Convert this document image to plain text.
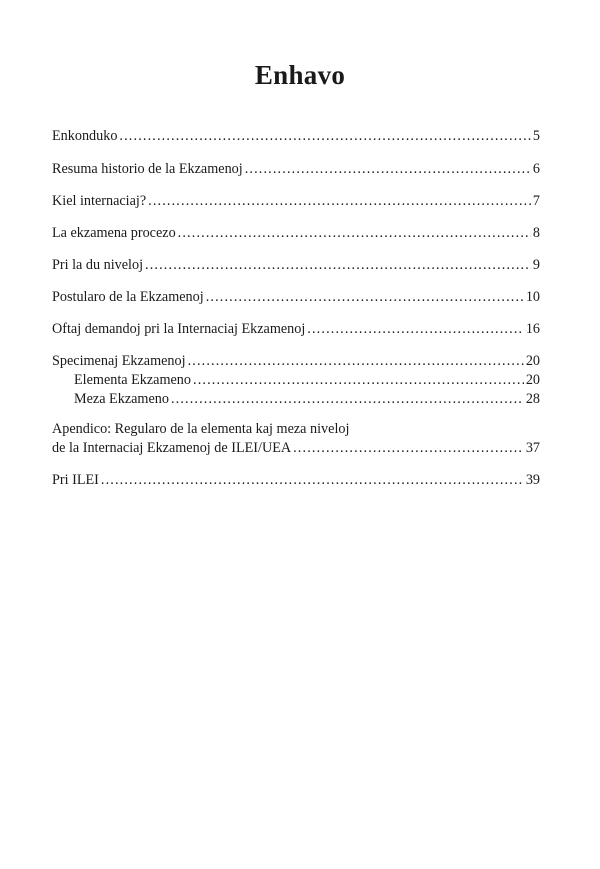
Enhavo
Enkonduko . . .	5
Resuma historio de la Ekzamenoj . . .	6
Kiel internaciaj? . . .	7
La ekzamena procezo . . .	8
Pri la du niveloj . . .	9
Postularo de la Ekzamenoj . . .	10
Oftaj demandoj pri la Internaciaj Ekzamenoj . . .	16
Specimenaj Ekzamenoj . . .	20
Elementa Ekzameno . . .	20
Meza Ekzameno . . .	28
Apendico: Regularo de la elementa kaj meza niveloj
de la Internaciaj Ekzamenoj de ILEI/UEA . . .	37
Pri ILEI . . .	39
